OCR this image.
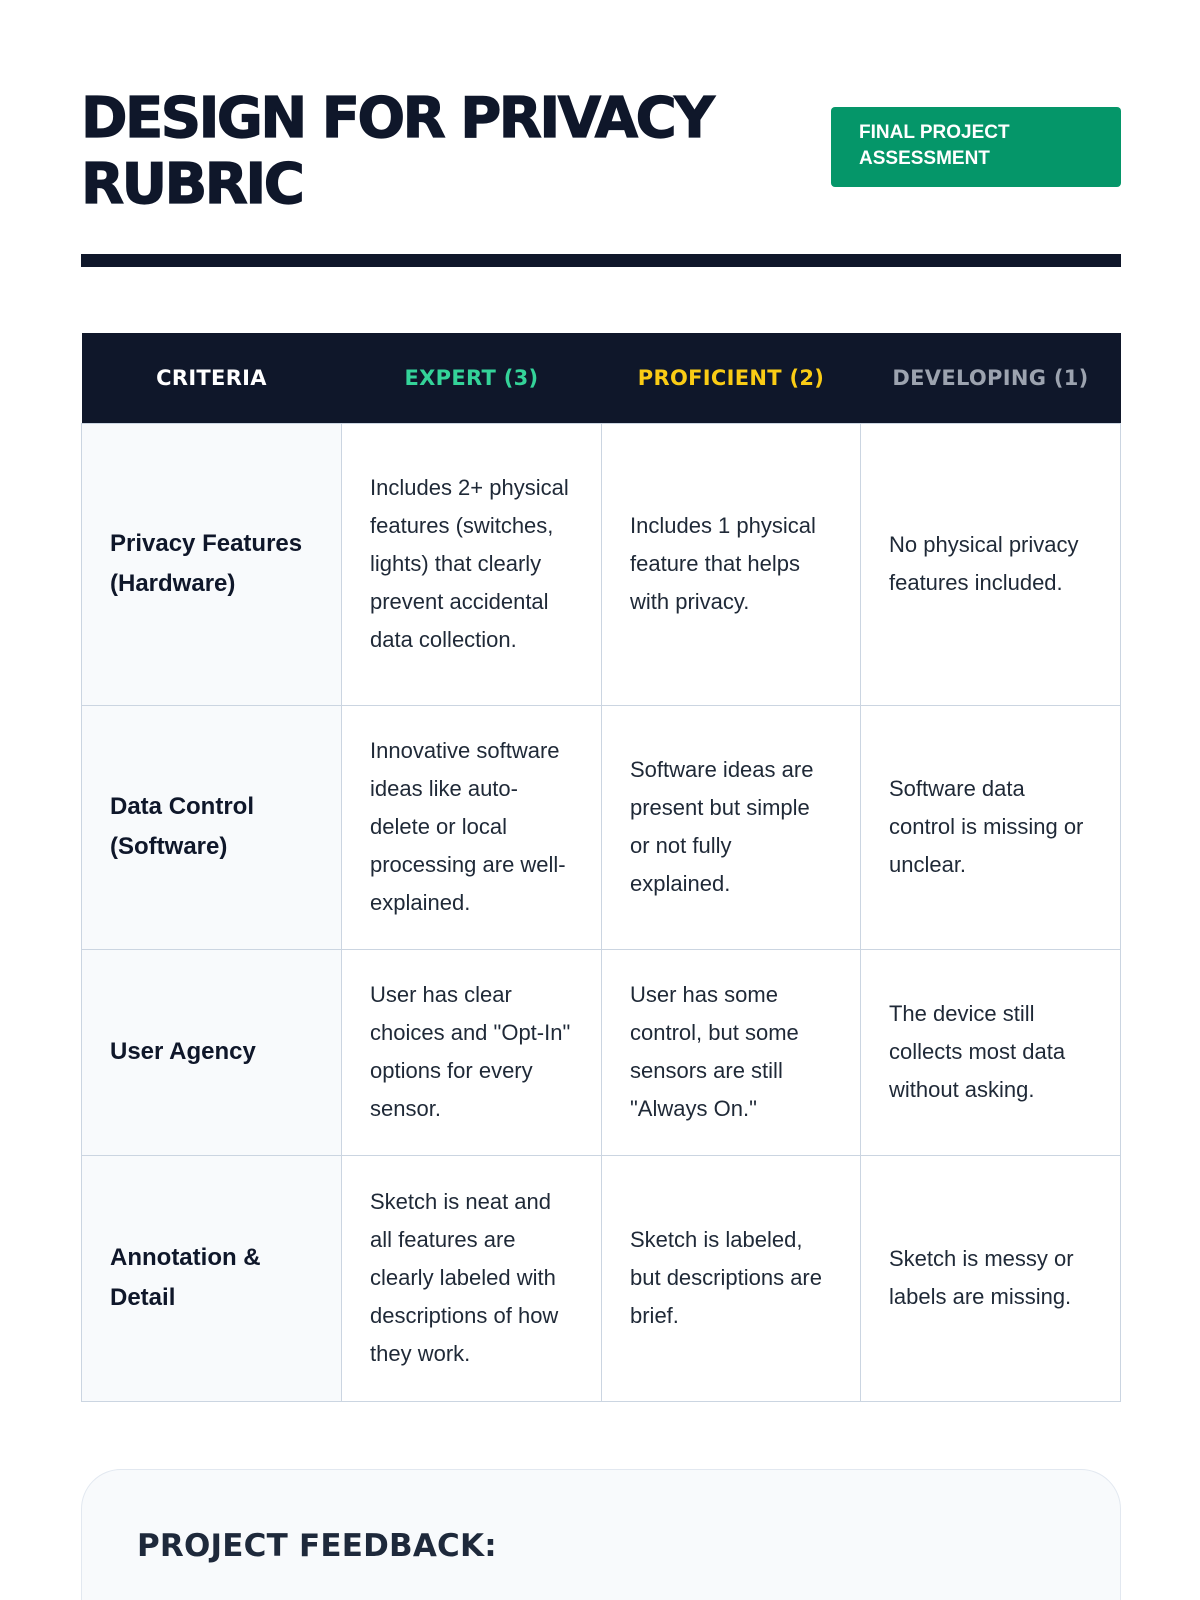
DESIGN FOR PRIVACY RUBRIC
FINAL PROJECT ASSESSMENT
CRITERIA	EXPERT (3)	PROFICIENT (2)	DEVELOPING (1)
Privacy Features (Hardware)	Includes 2+ physical features (switches, lights) that clearly prevent accidental data collection.	Includes 1 physical feature that helps with privacy.	No physical privacy features included.
Data Control (Software)	Innovative software ideas like auto-delete or local processing are well-explained.	Software ideas are present but simple or not fully explained.	Software data control is missing or unclear.
User Agency	User has clear choices and "Opt-In" options for every sensor.	User has some control, but some sensors are still "Always On."	The device still collects most data without asking.
Annotation & Detail	Sketch is neat and all features are clearly labeled with descriptions of how they work.	Sketch is labeled, but descriptions are brief.	Sketch is messy or labels are missing.
PROJECT FEEDBACK:
